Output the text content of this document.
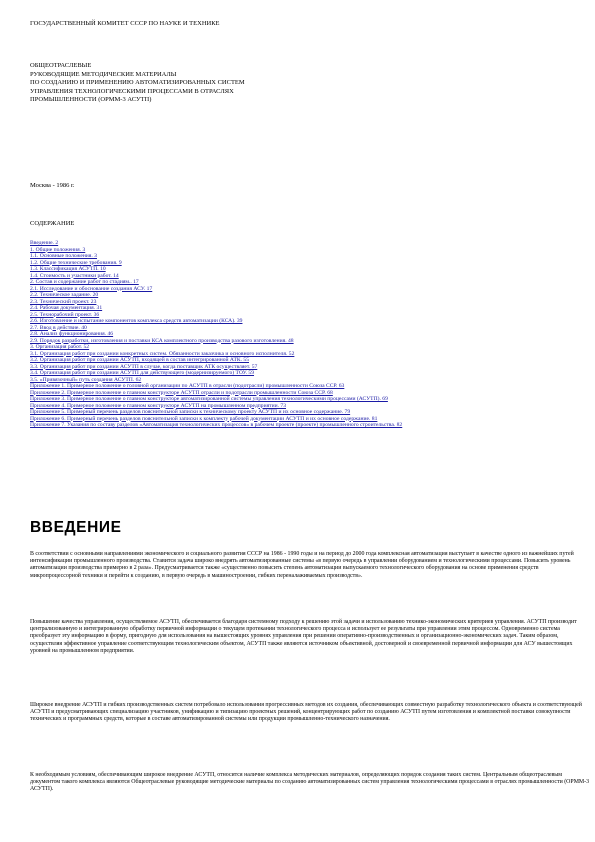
ГОСУДАРСТВЕННЫЙ КОМИТЕТ СССР ПО НАУКЕ И ТЕХНИКЕ
ОБЩЕОТРАСЛЕВЫЕ
РУКОВОДЯЩИЕ МЕТОДИЧЕСКИЕ МАТЕРИАЛЫ
ПО СОЗДАНИЮ И ПРИМЕНЕНИЮ АВТОМАТИЗИРОВАННЫХ СИСТЕМ
УПРАВЛЕНИЯ ТЕХНОЛОГИЧЕСКИМИ ПРОЦЕССАМИ В ОТРАСЛЯХ
ПРОМЫШЛЕННОСТИ (ОРММ-3 АСУТП)
Москва - 1986 г.
СОДЕРЖАНИЕ
Введение. 2
1. Общие положения. 3
1.1. Основные положения. 3
1.2. Общие технические требования. 9
1.3. Классификация АСУТП. 10
1.4. Стоимость и участники работ. 14
2. Состав и содержание работ по стадиям.. 17
2.1. Исследование и обоснование создания АСУ. 17
2.2. Техническое задание. 20
2.3. Технический проект. 23
2.4. Рабочая документация. 31
2.5. Технорабочий проект. 36
2.6. Изготовление и испытание компонентов комплекса средств автоматизации (КСА). 39
2.7. Ввод в действие. 40
2.8. Анализ функционирования. 46
2.9. Порядок разработки, изготовления и поставки КСА комплектного производства разового изготовления. 48
3. Организация работ. 52
3.1. Организация работ при создании конкретных систем. Обязанности заказчика и основного исполнителя. 52
3.2. Организация работ при создании АСУТП, входящей в состав интегрированной АТК. 55
3.3. Организация работ при создании АСУТП в случае, когда поставщик АТК осуществляет. 57
3.4. Организация работ при создании АСУТП для действующего (модернизируемого) ТОУ. 59
3.5. «Привязочный» путь создания АСУТП. 62
Приложение 1. Примерное положение о головной организации по АСУТП в отрасли (подотрасли) промышленности Союза ССР. 63
Приложение 2. Примерное положение о главном конструкторе АСУТП отрасли и подотрасли промышленности Союза ССР. 68
Приложение 3. Примерное положение о главном конструкторе автоматизированной системы управления технологическими процессами (АСУТП). 69
Приложение 4. Примерное положение о главном конструкторе АСУТП на промышленном предприятии. 73
Приложение 5. Примерный перечень разделов пояснительной записки к техническому проекту АСУТП и их основное содержание. 79
Приложение 6. Примерный перечень разделов пояснительной записки к комплекту рабочей документации АСУТП и их основное содержание. 81
Приложение 7. Указания по составу разделов «Автоматизация технологических процессов» в рабочем проекте (проекте) промышленного строительства. 82
ВВЕДЕНИЕ

В соответствии с основными направлениями экономического и социального развития СССР на 1986 - 1990 годы и на период до 2000 года комплексная автоматизация выступает в качестве одного из важнейших путей интенсификации промышленного производства. Ставится задача широко внедрять автоматизированные системы «в первую очередь в управлении оборудованием и технологическими процессами. Повысить уровень автоматизации производства примерно в 2 раза». Предусматривается также «существенно повысить степень автоматизации выпускаемого технологического оборудования на основе применения средств микропроцессорной техники и перейти к созданию, в первую очередь в машиностроении, гибких переналаживаемых производств».

Повышение качества управления, осуществляемое АСУТП, обеспечивается благодаря системному подходу к решению этой задачи и использованию технико-экономических критериев управления. АСУТП производит централизованную и интегрированную обработку первичной информации о текущем протекании технологического процесса и использует ее результаты при управлении этим процессом. Одновременно система преобразует эту информацию в форму, пригодную для использования на вышестоящих уровнях управления при решении оперативно-производственных и организационно-экономических задач. Таким образом, осуществляя эффективное управление соответствующим технологическим объектом, АСУТП также являются источником объективной, достоверной и своевременной первичной информации для АСУ вышестоящих уровней на промышленном предприятии.

Широкое внедрение АСУТП и гибких производственных систем потребовало использования прогрессивных методов их создания, обеспечивающих совместную разработку технологического объекта и соответствующей АСУТП и предусматривающих специализацию участников, унификацию и типизацию проектных решений, концентрирующих работ по созданию АСУТП путем изготовления и комплектной поставки совокупности технических и программных средств, которые в составе автоматизированной системы или продукции промышленно-технического назначения.

К необходимым условиям, обеспечивающим широкое внедрение АСУТП, относится наличие комплекса методических материалов, определяющих порядок создания таких систем. Центральным общеотраслевым документом такого комплекса являются Общеотраслевые руководящие методические материалы по созданию автоматизированных систем управления технологическими процессами в отраслях промышленности (ОРММ-3 АСУТП).
